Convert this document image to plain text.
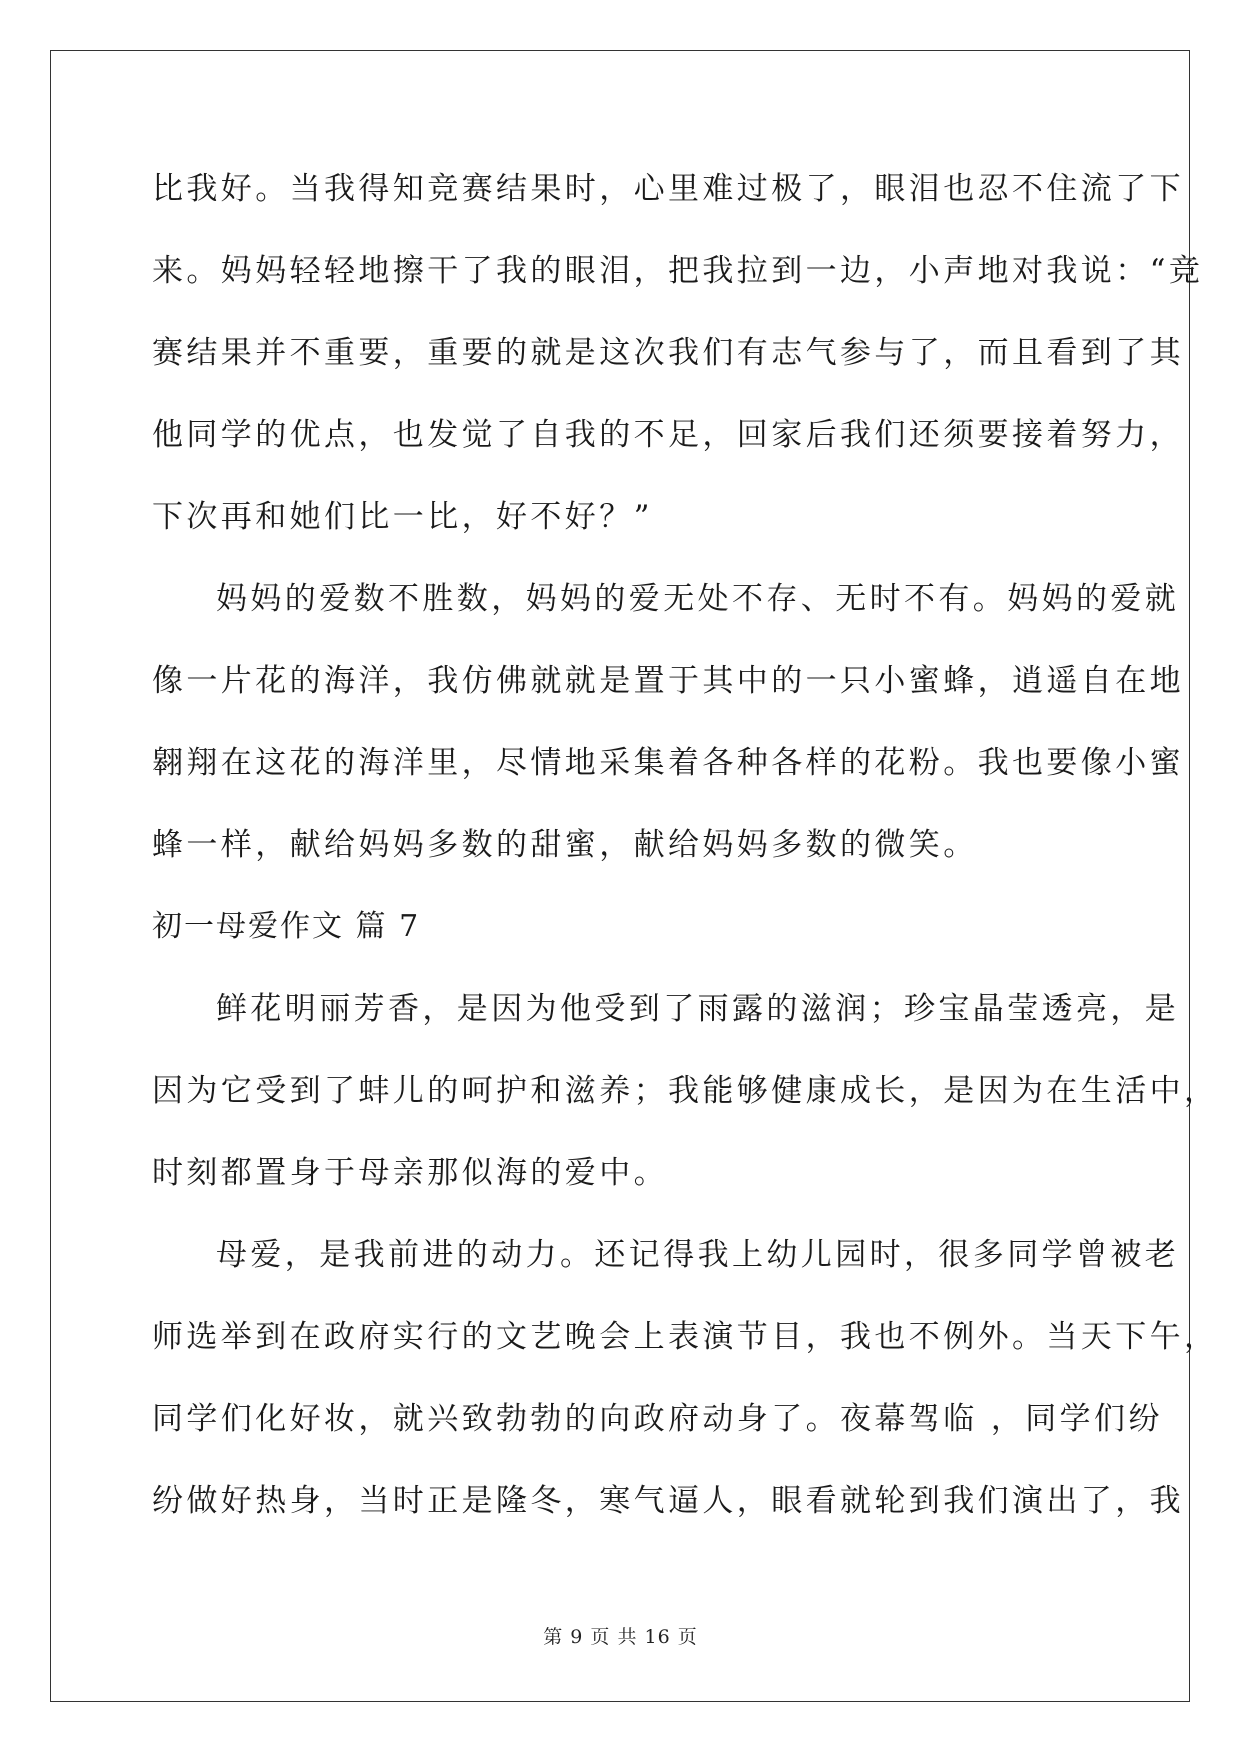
比我好。当我得知竞赛结果时，心里难过极了，眼泪也忍不住流了下
来。妈妈轻轻地擦干了我的眼泪，把我拉到一边，小声地对我说：“竞
赛结果并不重要，重要的就是这次我们有志气参与了，而且看到了其
他同学的优点，也发觉了自我的不足，回家后我们还须要接着努力，
下次再和她们比一比，好不好？”
妈妈的爱数不胜数，妈妈的爱无处不存、无时不有。妈妈的爱就
像一片花的海洋，我仿佛就就是置于其中的一只小蜜蜂，逍遥自在地
翱翔在这花的海洋里，尽情地采集着各种各样的花粉。我也要像小蜜
蜂一样，献给妈妈多数的甜蜜，献给妈妈多数的微笑。
初一母爱作文 篇 7
鲜花明丽芳香，是因为他受到了雨露的滋润；珍宝晶莹透亮，是
因为它受到了蚌儿的呵护和滋养；我能够健康成长，是因为在生活中，
时刻都置身于母亲那似海的爱中。
母爱，是我前进的动力。还记得我上幼儿园时，很多同学曾被老
师选举到在政府实行的文艺晚会上表演节目，我也不例外。当天下午，
同学们化好妆，就兴致勃勃的向政府动身了。夜幕驾临 ，同学们纷
纷做好热身，当时正是隆冬，寒气逼人，眼看就轮到我们演出了，我
第 9 页 共 16 页
